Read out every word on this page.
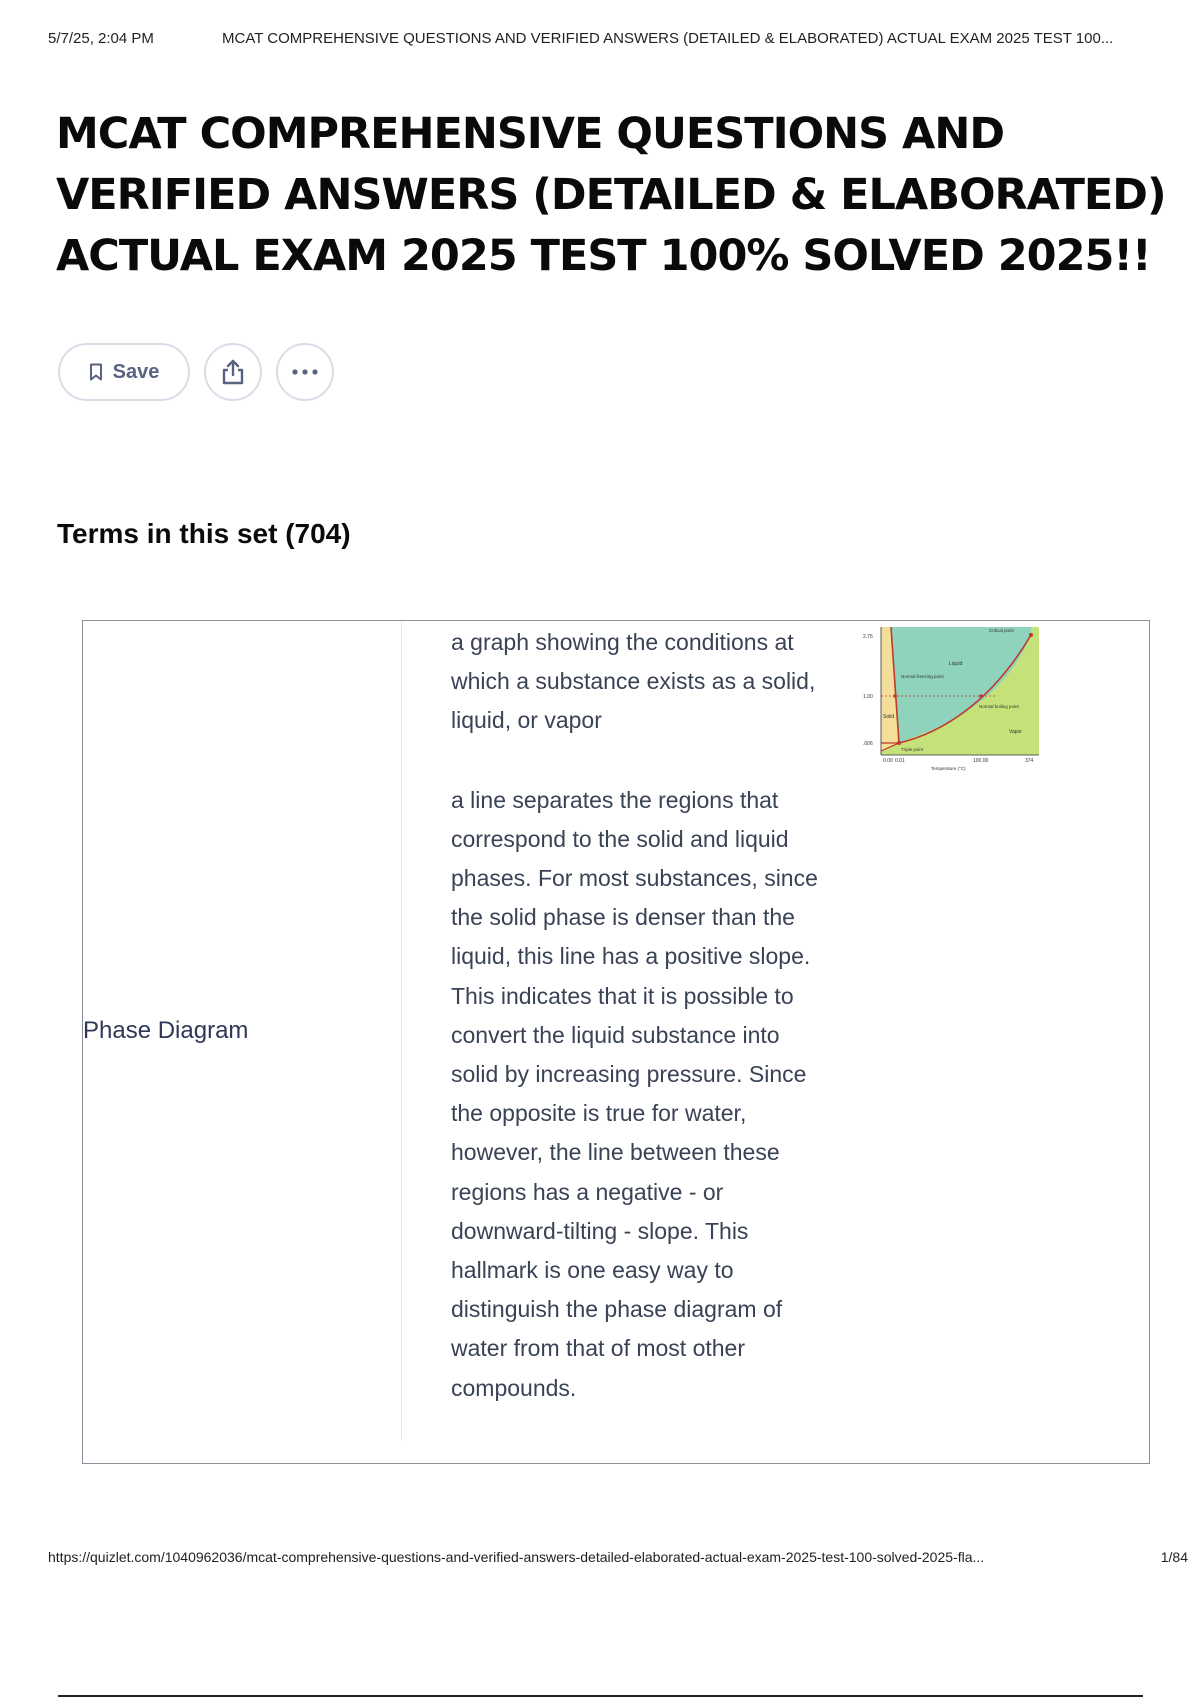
5/7/25, 2:04 PM	MCAT COMPREHENSIVE QUESTIONS AND VERIFIED ANSWERS (DETAILED & ELABORATED) ACTUAL EXAM 2025 TEST 100...
MCAT COMPREHENSIVE QUESTIONS AND VERIFIED ANSWERS (DETAILED & ELABORATED) ACTUAL EXAM 2025 TEST 100% SOLVED 2025!!
Save
Terms in this set (704)
Phase Diagram

a graph showing the conditions at which a substance exists as a solid, liquid, or vapor

a line separates the regions that correspond to the solid and liquid phases. For most substances, since the solid phase is denser than the liquid, this line has a positive slope. This indicates that it is possible to convert the liquid substance into solid by increasing pressure. Since the opposite is true for water, however, the line between these regions has a negative - or downward-tilting - slope. This hallmark is one easy way to distinguish the phase diagram of water from that of most other compounds.

2.75
1.00
.006
0.00 0.01	100.00	374
Solid
Liquid
Vapor
Critical point
Triple point
Normal freezing point
Normal boiling point
Temperature (°C)
https://quizlet.com/1040962036/mcat-comprehensive-questions-and-verified-answers-detailed-elaborated-actual-exam-2025-test-100-solved-2025-fla...	1/84
